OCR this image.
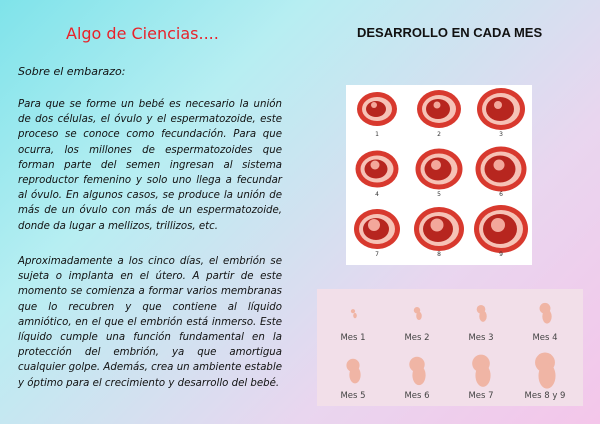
Algo de Ciencias....	DESARROLLO EN CADA MES
Sobre el embarazo:

Para que se forme un bebé es necesario la unión de dos células, el óvulo y el espermatozoide, este proceso se conoce como fecundación. Para que ocurra, los millones de espermatozoides que forman parte del semen ingresan al sistema reproductor femenino y solo uno llega a fecundar al óvulo. En algunos casos, se produce la unión de más de un óvulo con más de un espermatozoide, donde da lugar a mellizos, trillizos, etc.

Aproximadamente a los cinco días, el embrión se sujeta o implanta en el útero. A partir de este momento se comienza a formar varios membranas que lo recubren y que contiene al líquido amniótico, en el que el embrión está inmerso. Este líquido cumple una función fundamental en la protección del embrión, ya que amortigua cualquier golpe. Además, crea un ambiente estable y óptimo para el crecimiento y desarrollo del bebé.

1	2	3
4	5	6
7	8	9
Mes 1	Mes 2	Mes 3	Mes 4
Mes 5	Mes 6	Mes 7	Mes 8 y 9
